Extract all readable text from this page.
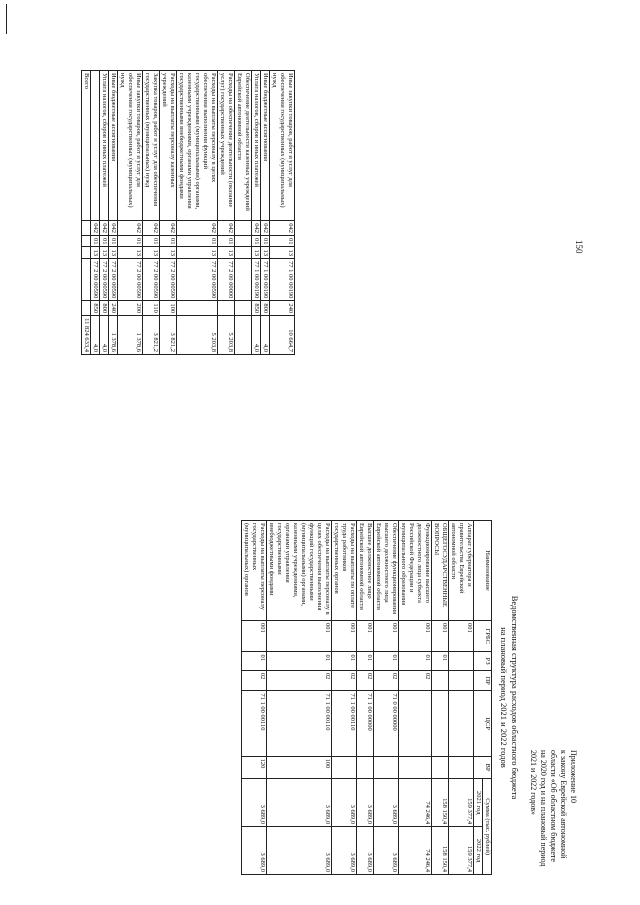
150
Иные закупки товаров, работ и услуг для обеспечения государственных (муниципальных) нужд	042	01	13	77 1 00 00190	240	10 664,7
Иные бюджетные ассигнования	042	01	13	77 1 00 00190	800	4,0
Уплата налогов, сборов и иных платежей	042	01	13	77 1 00 00190	850	4,0
Обеспечение деятельности казенных учреждений Еврейской автономной области						
Расходы на обеспечение деятельности (оказание услуг) государственных учреждений	042	01	13	77 2 00 00000		5 203,8
Расходы на выплаты персоналу в целях обеспечения выполнения функций государственными (муниципальными) органами, казенными учреждениями, органами управления государственными внебюджетными фондами	042	01	13	77 2 00 00590		5 203,8
Расходы на выплаты персоналу казенных учреждений	042	01	13	77 2 00 00590	100	3 821,2
Закупка товаров, работ и услуг для обеспечения государственных (муниципальных) нужд	042	01	13	77 2 00 00590	110	3 821,2
Иные закупки товаров, работ и услуг для обеспечения государственных (муниципальных) нужд	042	01	13	77 2 00 00590	200	1 378,6
Иные бюджетные ассигнования	042	01	13	77 2 00 00590	240	1 378,6
Уплата налогов, сборов и иных платежей	042	01	13	77 2 00 00590	800	4,0
	042	01	13	77 2 00 00590	850	4,0
Всего						11 824 633,4
Приложение 10
к закону Еврейской автономной
области «Об областном бюджете
на 2020 год и на плановый период
2021 и 2022 годов»
Ведомственная структура расходов областного бюджета
на плановый период 2021 и 2022 годов
Наименование	ГРБС	РЗ	ПР	ЦСР	ВР	Сумма (тыс. рублей)	
						2021 год	2022 год
Аппарат губернатора и правительства Еврейской автономной области	001					159 377,4	159 377,4
ОБЩЕГОСУДАРСТВЕННЫЕ ВОПРОСЫ	001	01				158 150,4	158 150,4
Функционирование высшего должностного лица субъекта Российской Федерации и муниципального образования	001	01	02			74 246,4	74 246,4
Обеспечение функционирования высшего должностного лица Еврейской автономной области	001	01	02	71 0 00 00000		3 689,0	3 689,0
Высшее должностное лицо Еврейской автономной области	001	01	02	71 1 00 00000		3 689,0	3 689,0
Расходы на выплаты по оплате труда работников государственных органов	001	01	02	71 1 00 00110		3 689,0	3 689,0
Расходы на выплаты персоналу в целях обеспечения выполнения функций государственными (муниципальными) органами, казенными учреждениями, органами управления государственными внебюджетными фондами	001	01	02	71 1 00 00110	100	3 689,0	3 689,0
Расходы на выплаты персоналу государственных (муниципальных) органов	001	01	02	71 1 00 00110	120	3 689,0	3 689,0
